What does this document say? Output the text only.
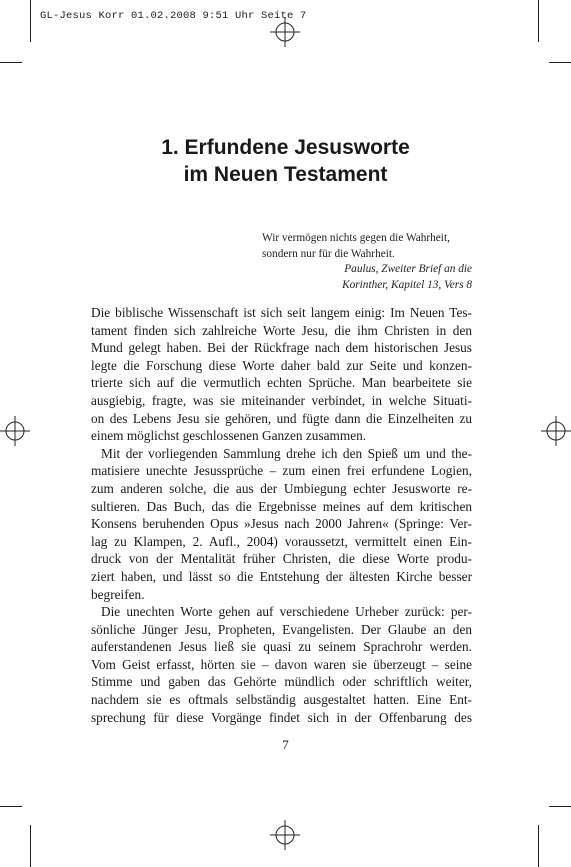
GL-Jesus Korr 01.02.2008 9:51 Uhr Seite 7
1. Erfundene Jesusworte
im Neuen Testament
Wir vermögen nichts gegen die Wahrheit,
sondern nur für die Wahrheit.
Paulus, Zweiter Brief an die
Korinther, Kapitel 13, Vers 8
Die biblische Wissenschaft ist sich seit langem einig: Im Neuen Tes-
tament finden sich zahlreiche Worte Jesu, die ihm Christen in den
Mund gelegt haben. Bei der Rückfrage nach dem historischen Jesus
legte die Forschung diese Worte daher bald zur Seite und konzen-
trierte sich auf die vermutlich echten Sprüche. Man bearbeitete sie
ausgiebig, fragte, was sie miteinander verbindet, in welche Situati-
on des Lebens Jesu sie gehören, und fügte dann die Einzelheiten zu
einem möglichst geschlossenen Ganzen zusammen.
Mit der vorliegenden Sammlung drehe ich den Spieß um und the-
matisiere unechte Jesussprüche – zum einen frei erfundene Logien,
zum anderen solche, die aus der Umbiegung echter Jesusworte re-
sultieren. Das Buch, das die Ergebnisse meines auf dem kritischen
Konsens beruhenden Opus »Jesus nach 2000 Jahren« (Springe: Ver-
lag zu Klampen, 2. Aufl., 2004) voraussetzt, vermittelt einen Ein-
druck von der Mentalität früher Christen, die diese Worte produ-
ziert haben, und lässt so die Entstehung der ältesten Kirche besser
begreifen.
Die unechten Worte gehen auf verschiedene Urheber zurück: per-
sönliche Jünger Jesu, Propheten, Evangelisten. Der Glaube an den
auferstandenen Jesus ließ sie quasi zu seinem Sprachrohr werden.
Vom Geist erfasst, hörten sie – davon waren sie überzeugt – seine
Stimme und gaben das Gehörte mündlich oder schriftlich weiter,
nachdem sie es oftmals selbständig ausgestaltet hatten. Eine Ent-
sprechung für diese Vorgänge findet sich in der Offenbarung des
7
